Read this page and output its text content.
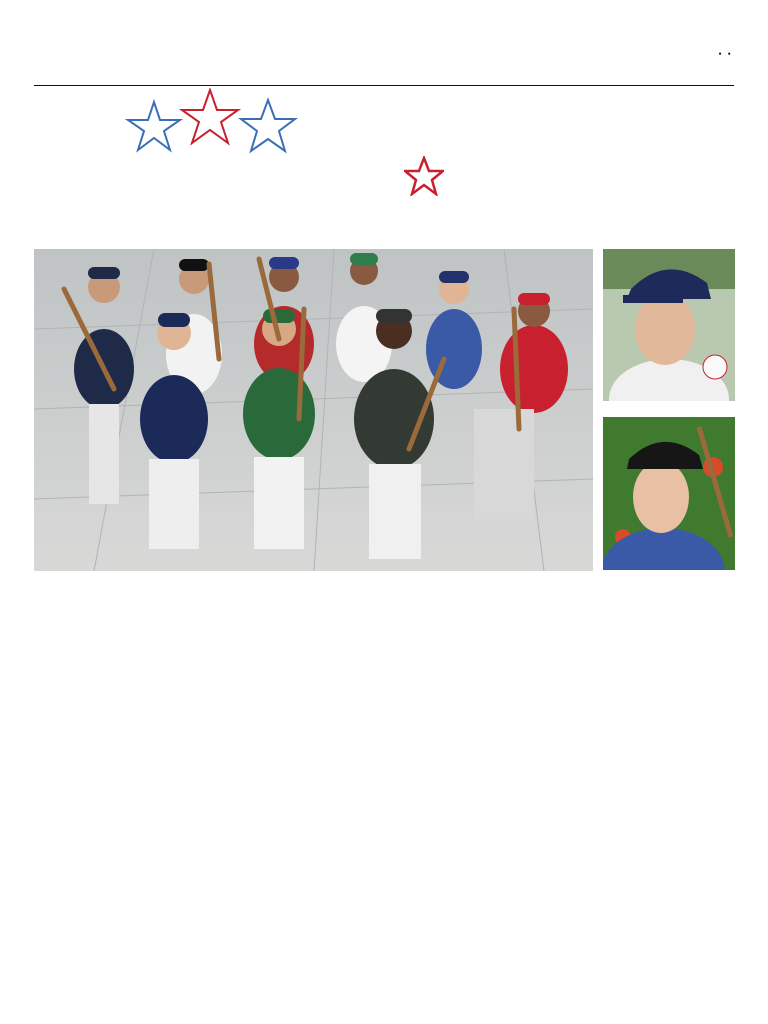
•  •
